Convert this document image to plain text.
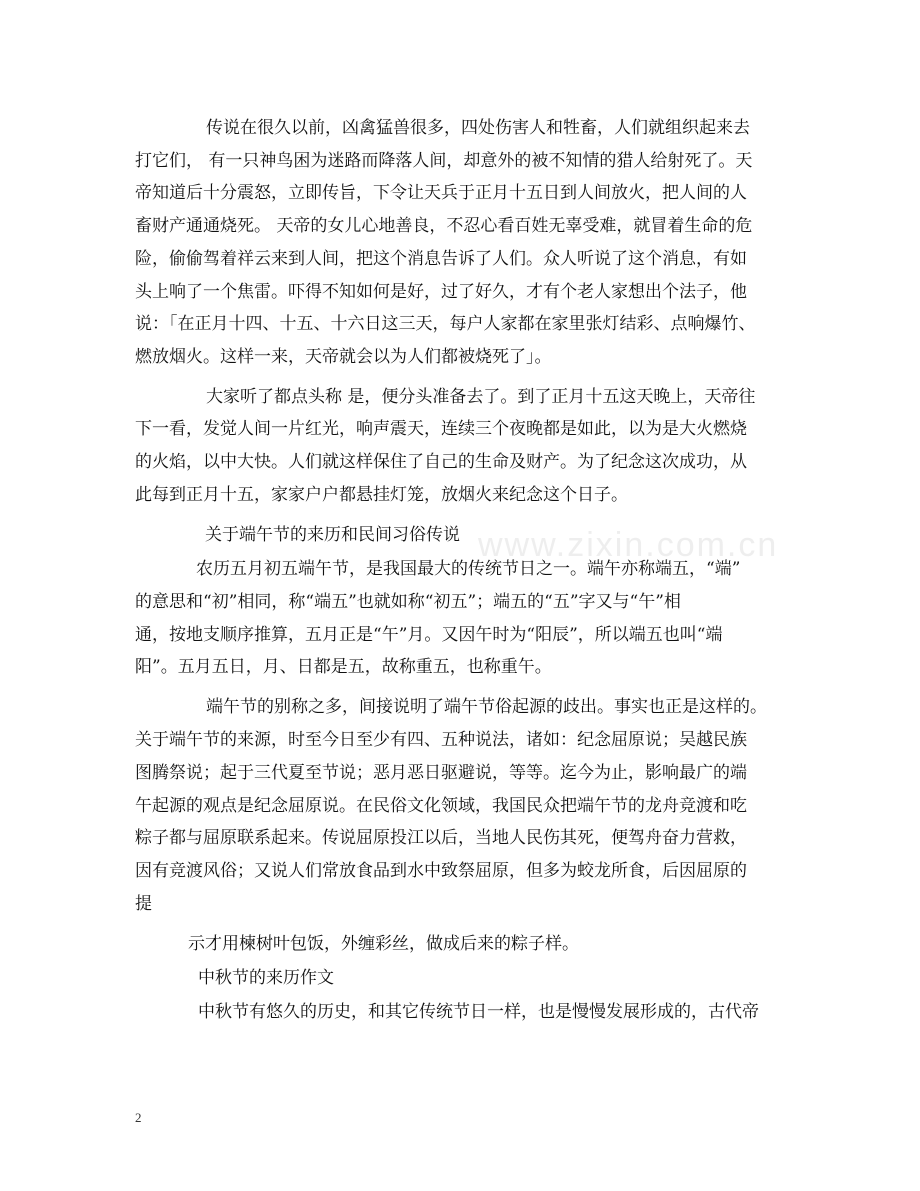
传说在很久以前，凶禽猛兽很多，四处伤害人和牲畜，人们就组织起来去
打它们， 有一只神鸟困为迷路而降落人间，却意外的被不知情的猎人给射死了。天
帝知道后十分震怒，立即传旨，下令让天兵于正月十五日到人间放火，把人间的人
畜财产通通烧死。 天帝的女儿心地善良，不忍心看百姓无辜受难，就冒着生命的危
险，偷偷驾着祥云来到人间，把这个消息告诉了人们。众人听说了这个消息，有如
头上响了一个焦雷。吓得不知如何是好，过了好久，才有个老人家想出个法子，他
说：「在正月十四、十五、十六日这三天，每户人家都在家里张灯结彩、点响爆竹、
燃放烟火。这样一来，天帝就会以为人们都被烧死了」。
大家听了都点头称 是，便分头准备去了。到了正月十五这天晚上，天帝往
下一看，发觉人间一片红光，响声震天，连续三个夜晚都是如此，以为是大火燃烧
的火焰，以中大快。人们就这样保住了自己的生命及财产。为了纪念这次成功，从
此每到正月十五，家家户户都悬挂灯笼，放烟火来纪念这个日子。
关于端午节的来历和民间习俗传说
农历五月初五端午节，是我国最大的传统节日之一。端午亦称端五，“端”
的意思和“初”相同，称“端五”也就如称“初五”；端五的“五”字又与“午”相
通，按地支顺序推算，五月正是“午”月。又因午时为“阳辰”，所以端五也叫“端
阳”。五月五日，月、日都是五，故称重五，也称重午。
端午节的别称之多，间接说明了端午节俗起源的歧出。事实也正是这样的。
关于端午节的来源，时至今日至少有四、五种说法，诸如：纪念屈原说；吴越民族
图腾祭说；起于三代夏至节说；恶月恶日驱避说，等等。迄今为止，影响最广的端
午起源的观点是纪念屈原说。在民俗文化领域，我国民众把端午节的龙舟竞渡和吃
粽子都与屈原联系起来。传说屈原投江以后，当地人民伤其死，便驾舟奋力营救，
因有竞渡风俗；又说人们常放食品到水中致祭屈原，但多为蛟龙所食，后因屈原的
提
示才用楝树叶包饭，外缠彩丝，做成后来的粽子样。
中秋节的来历作文
中秋节有悠久的历史，和其它传统节日一样，也是慢慢发展形成的，古代帝
www.zixin.com.cn
2
